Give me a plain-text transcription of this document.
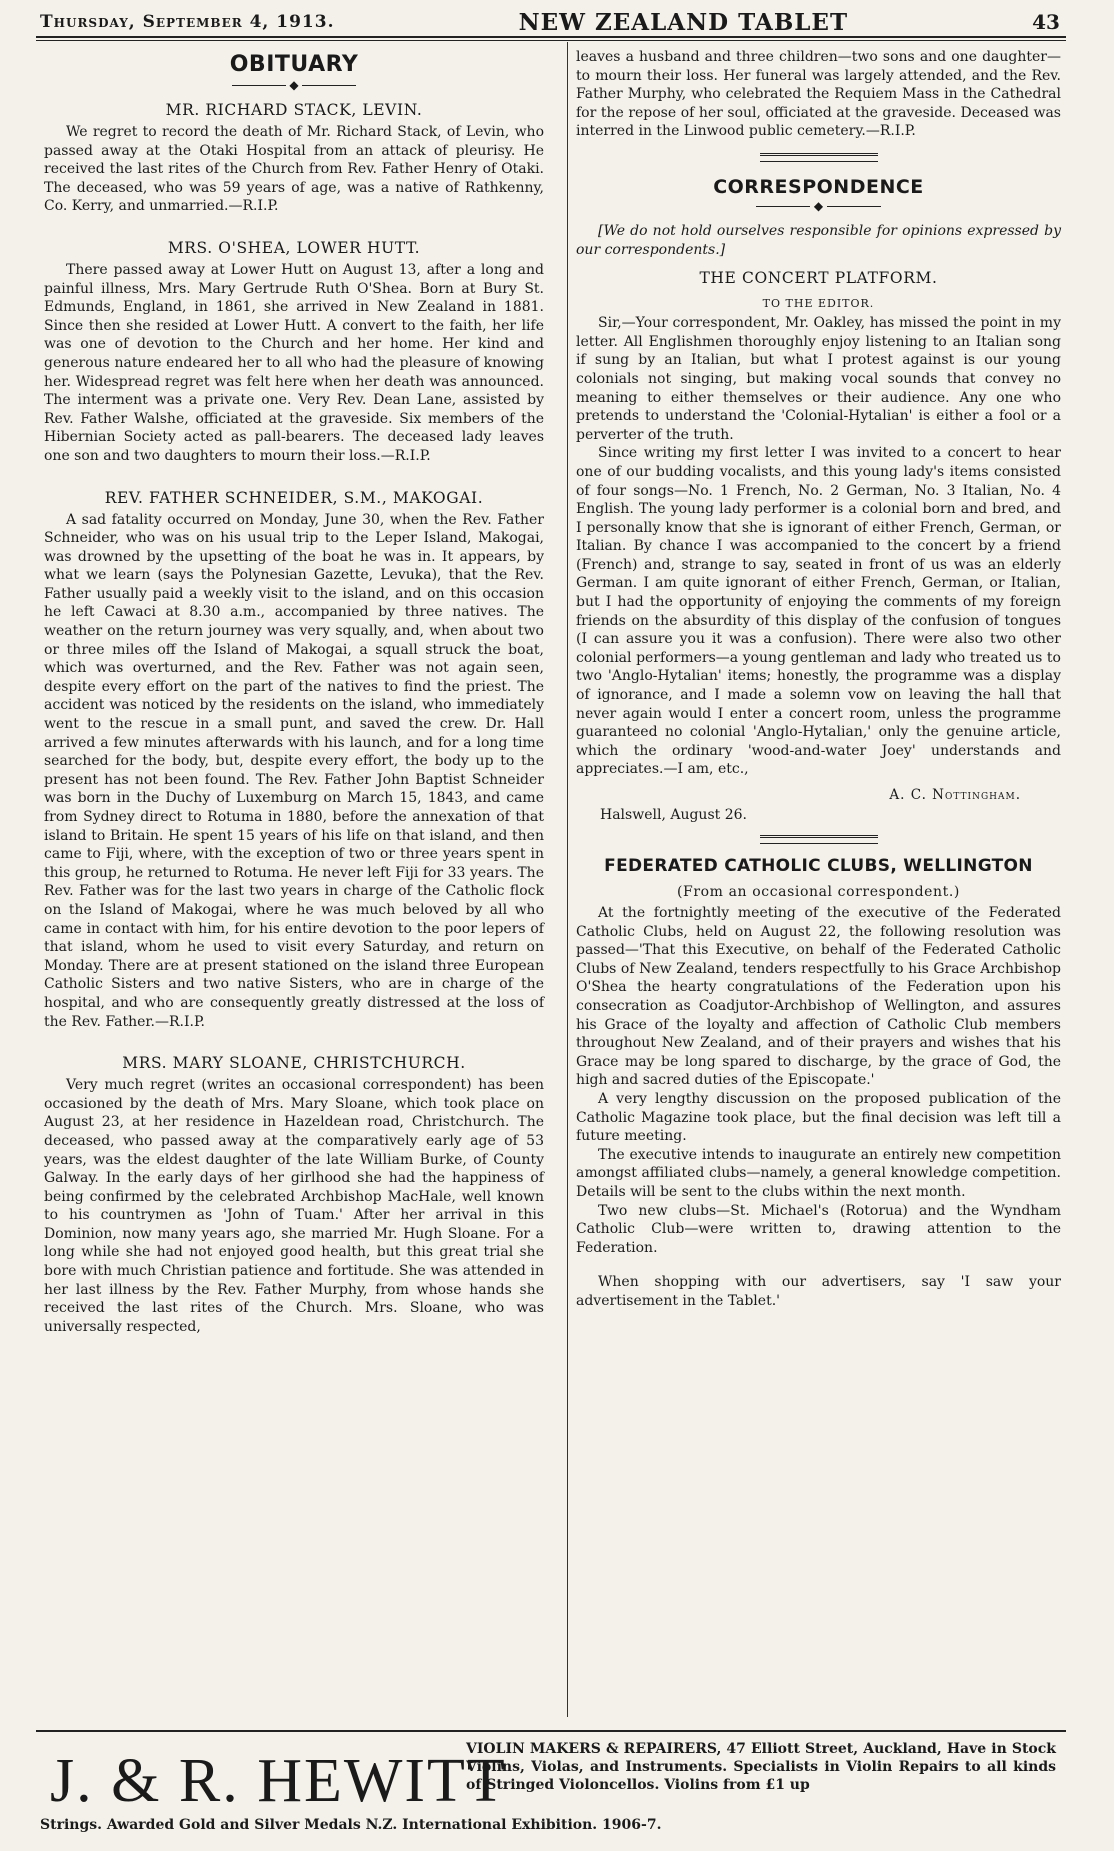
Thursday, September 4, 1913.	NEW ZEALAND TABLET	43
OBITUARY
◆
MR. RICHARD STACK, LEVIN.

We regret to record the death of Mr. Richard Stack, of Levin, who passed away at the Otaki Hospital from an attack of pleurisy. He received the last rites of the Church from Rev. Father Henry of Otaki. The deceased, who was 59 years of age, was a native of Rathkenny, Co. Kerry, and unmarried.—R.I.P.

MRS. O'SHEA, LOWER HUTT.

There passed away at Lower Hutt on August 13, after a long and painful illness, Mrs. Mary Gertrude Ruth O'Shea. Born at Bury St. Edmunds, England, in 1861, she arrived in New Zealand in 1881. Since then she resided at Lower Hutt. A convert to the faith, her life was one of devotion to the Church and her home. Her kind and generous nature endeared her to all who had the pleasure of knowing her. Widespread regret was felt here when her death was announced. The interment was a private one. Very Rev. Dean Lane, assisted by Rev. Father Walshe, officiated at the graveside. Six members of the Hibernian Society acted as pall-bearers. The deceased lady leaves one son and two daughters to mourn their loss.—R.I.P.

REV. FATHER SCHNEIDER, S.M., MAKOGAI.

A sad fatality occurred on Monday, June 30, when the Rev. Father Schneider, who was on his usual trip to the Leper Island, Makogai, was drowned by the upsetting of the boat he was in. It appears, by what we learn (says the Polynesian Gazette, Levuka), that the Rev. Father usually paid a weekly visit to the island, and on this occasion he left Cawaci at 8.30 a.m., accompanied by three natives. The weather on the return journey was very squally, and, when about two or three miles off the Island of Makogai, a squall struck the boat, which was overturned, and the Rev. Father was not again seen, despite every effort on the part of the natives to find the priest. The accident was noticed by the residents on the island, who immediately went to the rescue in a small punt, and saved the crew. Dr. Hall arrived a few minutes afterwards with his launch, and for a long time searched for the body, but, despite every effort, the body up to the present has not been found. The Rev. Father John Baptist Schneider was born in the Duchy of Luxemburg on March 15, 1843, and came from Sydney direct to Rotuma in 1880, before the annexation of that island to Britain. He spent 15 years of his life on that island, and then came to Fiji, where, with the exception of two or three years spent in this group, he returned to Rotuma. He never left Fiji for 33 years. The Rev. Father was for the last two years in charge of the Catholic flock on the Island of Makogai, where he was much beloved by all who came in contact with him, for his entire devotion to the poor lepers of that island, whom he used to visit every Saturday, and return on Monday. There are at present stationed on the island three European Catholic Sisters and two native Sisters, who are in charge of the hospital, and who are consequently greatly distressed at the loss of the Rev. Father.—R.I.P.

MRS. MARY SLOANE, CHRISTCHURCH.

Very much regret (writes an occasional correspondent) has been occasioned by the death of Mrs. Mary Sloane, which took place on August 23, at her residence in Hazeldean road, Christchurch. The deceased, who passed away at the comparatively early age of 53 years, was the eldest daughter of the late William Burke, of County Galway. In the early days of her girlhood she had the happiness of being confirmed by the celebrated Archbishop MacHale, well known to his countrymen as 'John of Tuam.' After her arrival in this Dominion, now many years ago, she married Mr. Hugh Sloane. For a long while she had not enjoyed good health, but this great trial she bore with much Christian patience and fortitude. She was attended in her last illness by the Rev. Father Murphy, from whose hands she received the last rites of the Church. Mrs. Sloane, who was universally respected,

leaves a husband and three children—two sons and one daughter—to mourn their loss. Her funeral was largely attended, and the Rev. Father Murphy, who celebrated the Requiem Mass in the Cathedral for the repose of her soul, officiated at the graveside. Deceased was interred in the Linwood public cemetery.—R.I.P.

CORRESPONDENCE
◆

[We do not hold ourselves responsible for opinions expressed by our correspondents.]

THE CONCERT PLATFORM.
TO THE EDITOR.

Sir,—Your correspondent, Mr. Oakley, has missed the point in my letter. All Englishmen thoroughly enjoy listening to an Italian song if sung by an Italian, but what I protest against is our young colonials not singing, but making vocal sounds that convey no meaning to either themselves or their audience. Any one who pretends to understand the 'Colonial-Hytalian' is either a fool or a perverter of the truth.

Since writing my first letter I was invited to a concert to hear one of our budding vocalists, and this young lady's items consisted of four songs—No. 1 French, No. 2 German, No. 3 Italian, No. 4 English. The young lady performer is a colonial born and bred, and I personally know that she is ignorant of either French, German, or Italian. By chance I was accompanied to the concert by a friend (French) and, strange to say, seated in front of us was an elderly German. I am quite ignorant of either French, German, or Italian, but I had the opportunity of enjoying the comments of my foreign friends on the absurdity of this display of the confusion of tongues (I can assure you it was a confusion). There were also two other colonial performers—a young gentleman and lady who treated us to two 'Anglo-Hytalian' items; honestly, the programme was a display of ignorance, and I made a solemn vow on leaving the hall that never again would I enter a concert room, unless the programme guaranteed no colonial 'Anglo-Hytalian,' only the genuine article, which the ordinary 'wood-and-water Joey' understands and appreciates.—I am, etc.,

A. C. Nottingham.
Halswell, August 26.
FEDERATED CATHOLIC CLUBS, WELLINGTON
(From an occasional correspondent.)

At the fortnightly meeting of the executive of the Federated Catholic Clubs, held on August 22, the following resolution was passed—'That this Executive, on behalf of the Federated Catholic Clubs of New Zealand, tenders respectfully to his Grace Archbishop O'Shea the hearty congratulations of the Federation upon his consecration as Coadjutor-Archbishop of Wellington, and assures his Grace of the loyalty and affection of Catholic Club members throughout New Zealand, and of their prayers and wishes that his Grace may be long spared to discharge, by the grace of God, the high and sacred duties of the Episcopate.'

A very lengthy discussion on the proposed publication of the Catholic Magazine took place, but the final decision was left till a future meeting.

The executive intends to inaugurate an entirely new competition amongst affiliated clubs—namely, a general knowledge competition. Details will be sent to the clubs within the next month.

Two new clubs—St. Michael's (Rotorua) and the Wyndham Catholic Club—were written to, drawing attention to the Federation.

When shopping with our advertisers, say 'I saw your advertisement in the Tablet.'

J. & R. HEWITT
VIOLIN MAKERS & REPAIRERS, 47 Elliott Street, Auckland, Have in Stock Violins, Violas, and Instruments. Specialists in Violin Repairs to all kinds of Stringed Violoncellos. Violins from £1 up
Strings. Awarded Gold and Silver Medals N.Z. International Exhibition. 1906-7.
